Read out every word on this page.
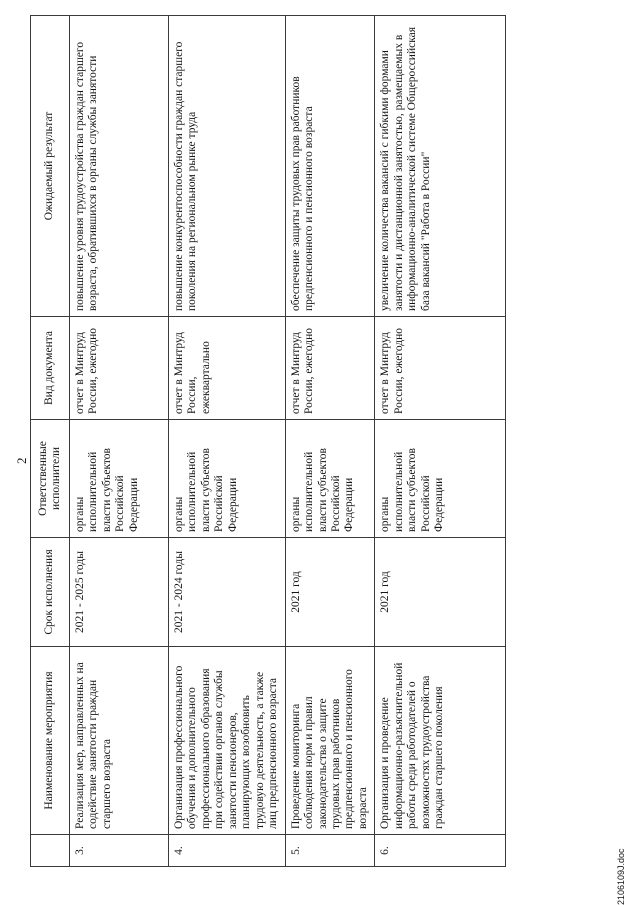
2
	Наименование мероприятия	Срок исполнения	Ответственные исполнители	Вид документа	Ожидаемый результат
3.	Реализация мер, направленных на содействие занятости граждан старшего возраста	2021 - 2025 годы	органы исполнительной власти субъектов Российской Федерации	отчет в Минтруд России, ежегодно	повышение уровня трудоустройства граждан старшего возраста, обратившихся в органы службы занятости
4.	Организация профессионального обучения и дополнительного профессионального образования при содействии органов службы занятости пенсионеров, планирующих возобновить трудовую деятельность, а также лиц предпенсионного возраста	2021 - 2024 годы	органы исполнительной власти субъектов Российской Федерации	отчет в Минтруд России, ежеквартально	повышение конкурентоспособности граждан старшего поколения на региональном рынке труда
5.	Проведение мониторинга соблюдения норм и правил законодательства о защите трудовых прав работников предпенсионного и пенсионного возраста	2021 год	органы исполнительной власти субъектов Российской Федерации	отчет в Минтруд России, ежегодно	обеспечение защиты трудовых прав работников предпенсионного и пенсионного возраста
6.	Организация и проведение информационно-разъяснительной работы среди работодателей о возможностях трудоустройства граждан старшего поколения	2021 год	органы исполнительной власти субъектов Российской Федерации	отчет в Минтруд России, ежегодно	увеличение количества вакансий с гибкими формами занятости и дистанционной занятостью, размещаемых в информационно-аналитической системе Общероссийская база вакансий "Работа в России"
2106109J.doc
